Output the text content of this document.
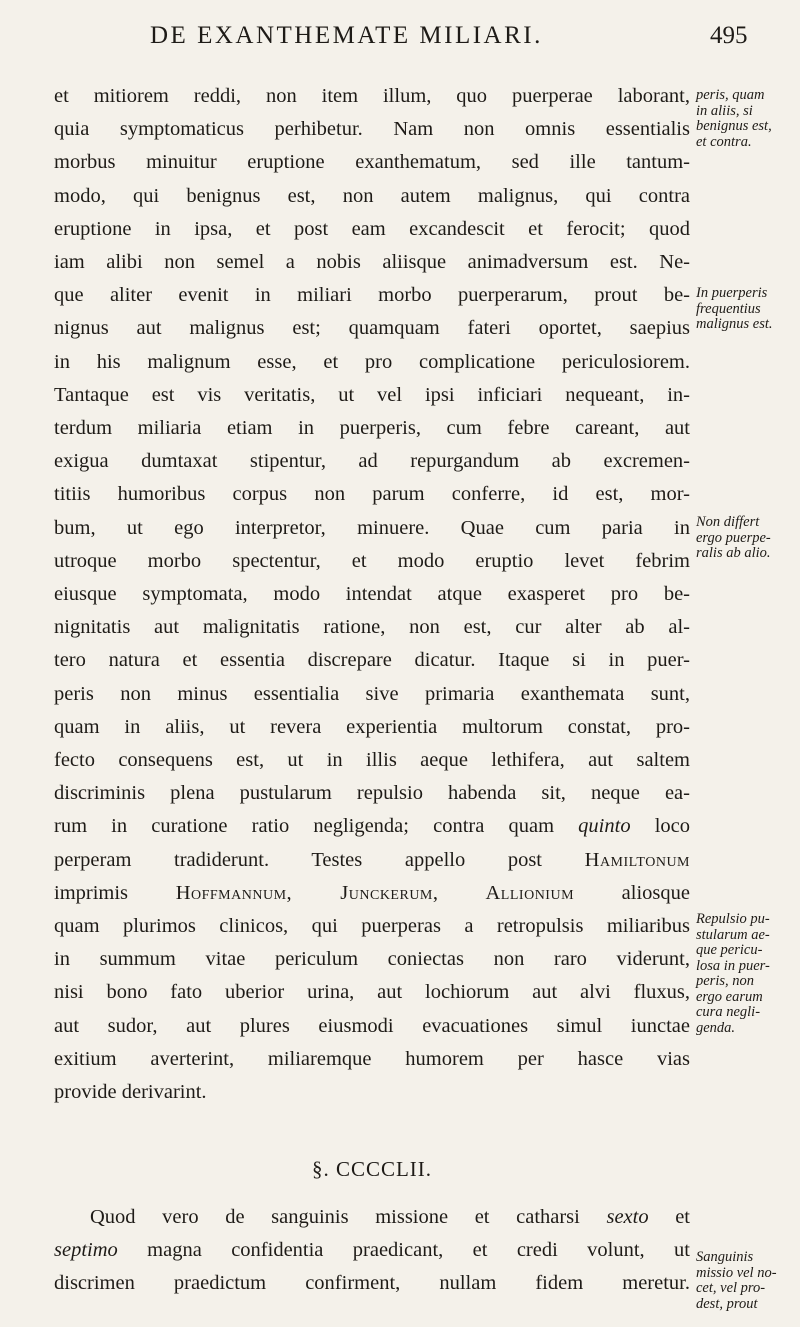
DE EXANTHEMATE MILIARI.	495

et mitiorem reddi, non item illum, quo puerperae laborant,
quia symptomaticus perhibetur. Nam non omnis essentialis
morbus minuitur eruptione exanthematum, sed ille tantum-
modo, qui benignus est, non autem malignus, qui contra
eruptione in ipsa, et post eam excandescit et ferocit; quod
iam alibi non semel a nobis aliisque animadversum est. Ne-
que aliter evenit in miliari morbo puerperarum, prout be-
nignus aut malignus est; quamquam fateri oportet, saepius
in his malignum esse, et pro complicatione periculosiorem.
Tantaque est vis veritatis, ut vel ipsi inficiari nequeant, in-
terdum miliaria etiam in puerperis, cum febre careant, aut
exigua dumtaxat stipentur, ad repurgandum ab excremen-
titiis humoribus corpus non parum conferre, id est, mor-
bum, ut ego interpretor, minuere. Quae cum paria in
utroque morbo spectentur, et modo eruptio levet febrim
eiusque symptomata, modo intendat atque exasperet pro be-
nignitatis aut malignitatis ratione, non est, cur alter ab al-
tero natura et essentia discrepare dicatur. Itaque si in puer-
peris non minus essentialia sive primaria exanthemata sunt,
quam in aliis, ut revera experientia multorum constat, pro-
fecto consequens est, ut in illis aeque lethifera, aut saltem
discriminis plena pustularum repulsio habenda sit, neque ea-
rum in curatione ratio negligenda; contra quam quinto loco
perperam tradiderunt. Testes appello post Hamiltonum
imprimis Hoffmannum, Junckerum, Allionium aliosque
quam plurimos clinicos, qui puerperas a retropulsis miliaribus
in summum vitae periculum coniectas non raro viderunt,
nisi bono fato uberior urina, aut lochiorum aut alvi fluxus,
aut sudor, aut plures eiusmodi evacuationes simul iunctae
exitium averterint, miliaremque humorem per hasce vias
provide derivarint.

§. CCCCLII.

Quod vero de sanguinis missione et catharsi sexto et
septimo magna confidentia praedicant, et credi volunt, ut
discrimen praedictum confirment, nullam fidem meretur.

peris, quam
in aliis, si
benignus est,
et contra.
In puerperis
frequentius
malignus est.
Non differt
ergo puerpe-
ralis ab alio.
Repulsio pu-
stularum ae-
que pericu-
losa in puer-
peris, non
ergo earum
cura negli-
genda.
Sanguinis
missio vel no-
cet, vel pro-
dest, prout
